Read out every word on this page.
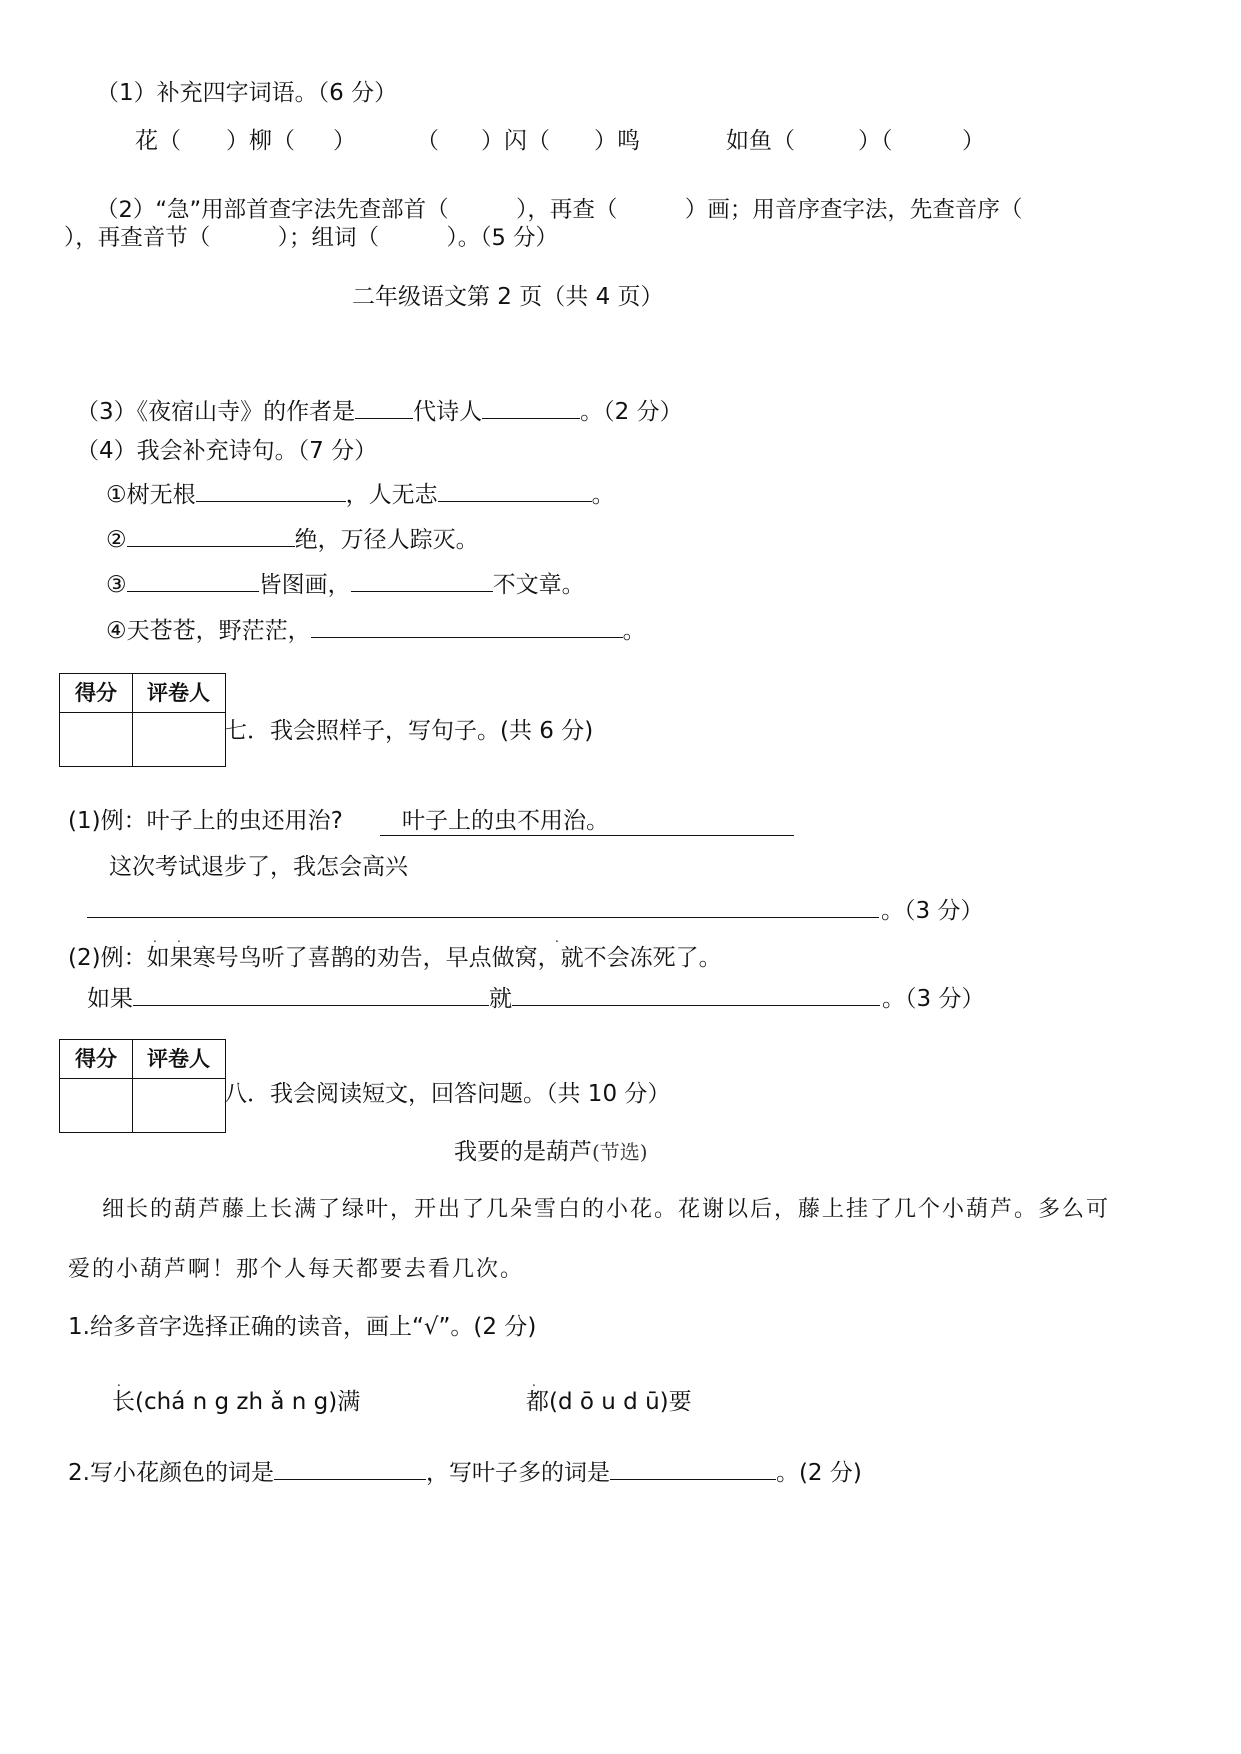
（1）补充四字词语。（6 分）
花（ ）柳（ ）	（ ）闪（ ）鸣	如鱼（	）（	）
（2）“急”用部首查字法先查部首（　　　），再查（　　　）画；用音序查字法，先查音序（
），再查音节（　　　）；组词（　　　）。（5 分）
二年级语文第 2 页（共 4 页）
（3）《夜宿山寺》的作者是	代诗人	。（2 分）
（4）我会补充诗句。（7 分）
①树无根	，人无志	。
②	绝，万径人踪灭。
③	皆图画，	不文章。
④天苍苍，野茫茫，	。
得分	评卷人
七．我会照样子，写句子。(共 6 分)
(1)例：叶子上的虫还用治?	叶子上的虫不用治。
这次考试退步了，我怎会高兴
。（3 分）
. .	.
(2)例：如果寒号鸟听了喜鹊的劝告，早点做窝，就不会冻死了。
如果	就	。（3 分）
得分	评卷人
八．我会阅读短文，回答问题。（共 10 分）
我要的是葫芦(节选)
细长的葫芦藤上长满了绿叶，开出了几朵雪白的小花。花谢以后，藤上挂了几个小葫芦。多么可
爱的小葫芦啊！那个人每天都要去看几次。
1.给多音字选择正确的读音，画上“√”。(2 分)
.	.
长(chá n g zh ǎ n g)满	都(d ō u d ū)要
2.写小花颜色的词是	，写叶子多的词是	。(2 分)
